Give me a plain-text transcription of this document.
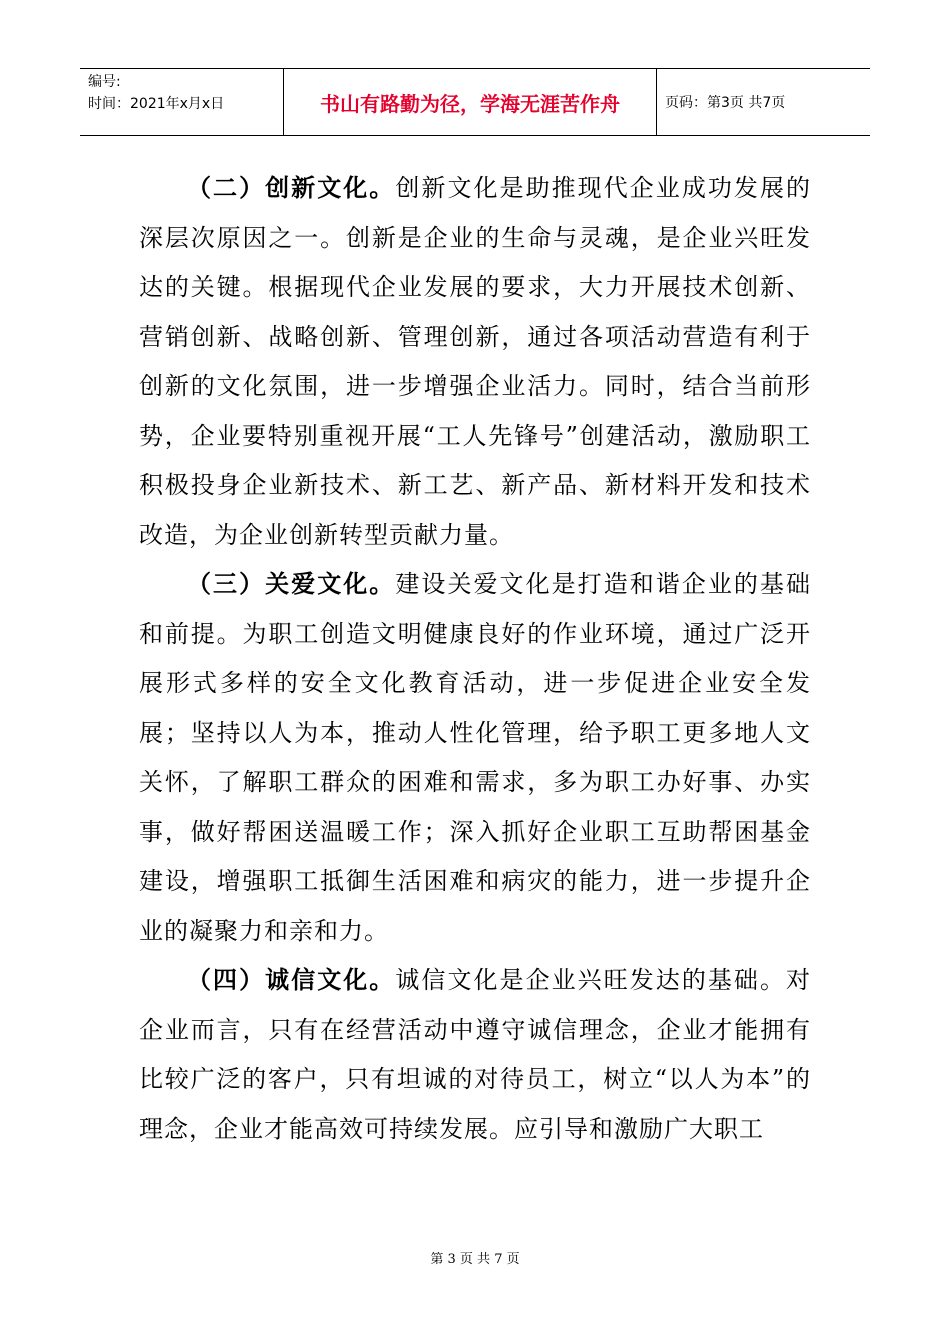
编号:
时间：2021年x月x日	书山有路勤为径，学海无涯苦作舟	页码：第3页 共7页

（二）创新文化。创新文化是助推现代企业成功发展的深层次原因之一。创新是企业的生命与灵魂，是企业兴旺发达的关键。根据现代企业发展的要求，大力开展技术创新、营销创新、战略创新、管理创新，通过各项活动营造有利于创新的文化氛围，进一步增强企业活力。同时，结合当前形势，企业要特别重视开展“工人先锋号”创建活动，激励职工积极投身企业新技术、新工艺、新产品、新材料开发和技术改造，为企业创新转型贡献力量。

（三）关爱文化。建设关爱文化是打造和谐企业的基础和前提。为职工创造文明健康良好的作业环境，通过广泛开展形式多样的安全文化教育活动，进一步促进企业安全发展；坚持以人为本，推动人性化管理，给予职工更多地人文关怀，了解职工群众的困难和需求，多为职工办好事、办实事，做好帮困送温暖工作；深入抓好企业职工互助帮困基金建设，增强职工抵御生活困难和病灾的能力，进一步提升企业的凝聚力和亲和力。

（四）诚信文化。诚信文化是企业兴旺发达的基础。对企业而言，只有在经营活动中遵守诚信理念，企业才能拥有比较广泛的客户，只有坦诚的对待员工，树立“以人为本”的理念，企业才能高效可持续发展。应引导和激励广大职工

第 3 页 共 7 页
